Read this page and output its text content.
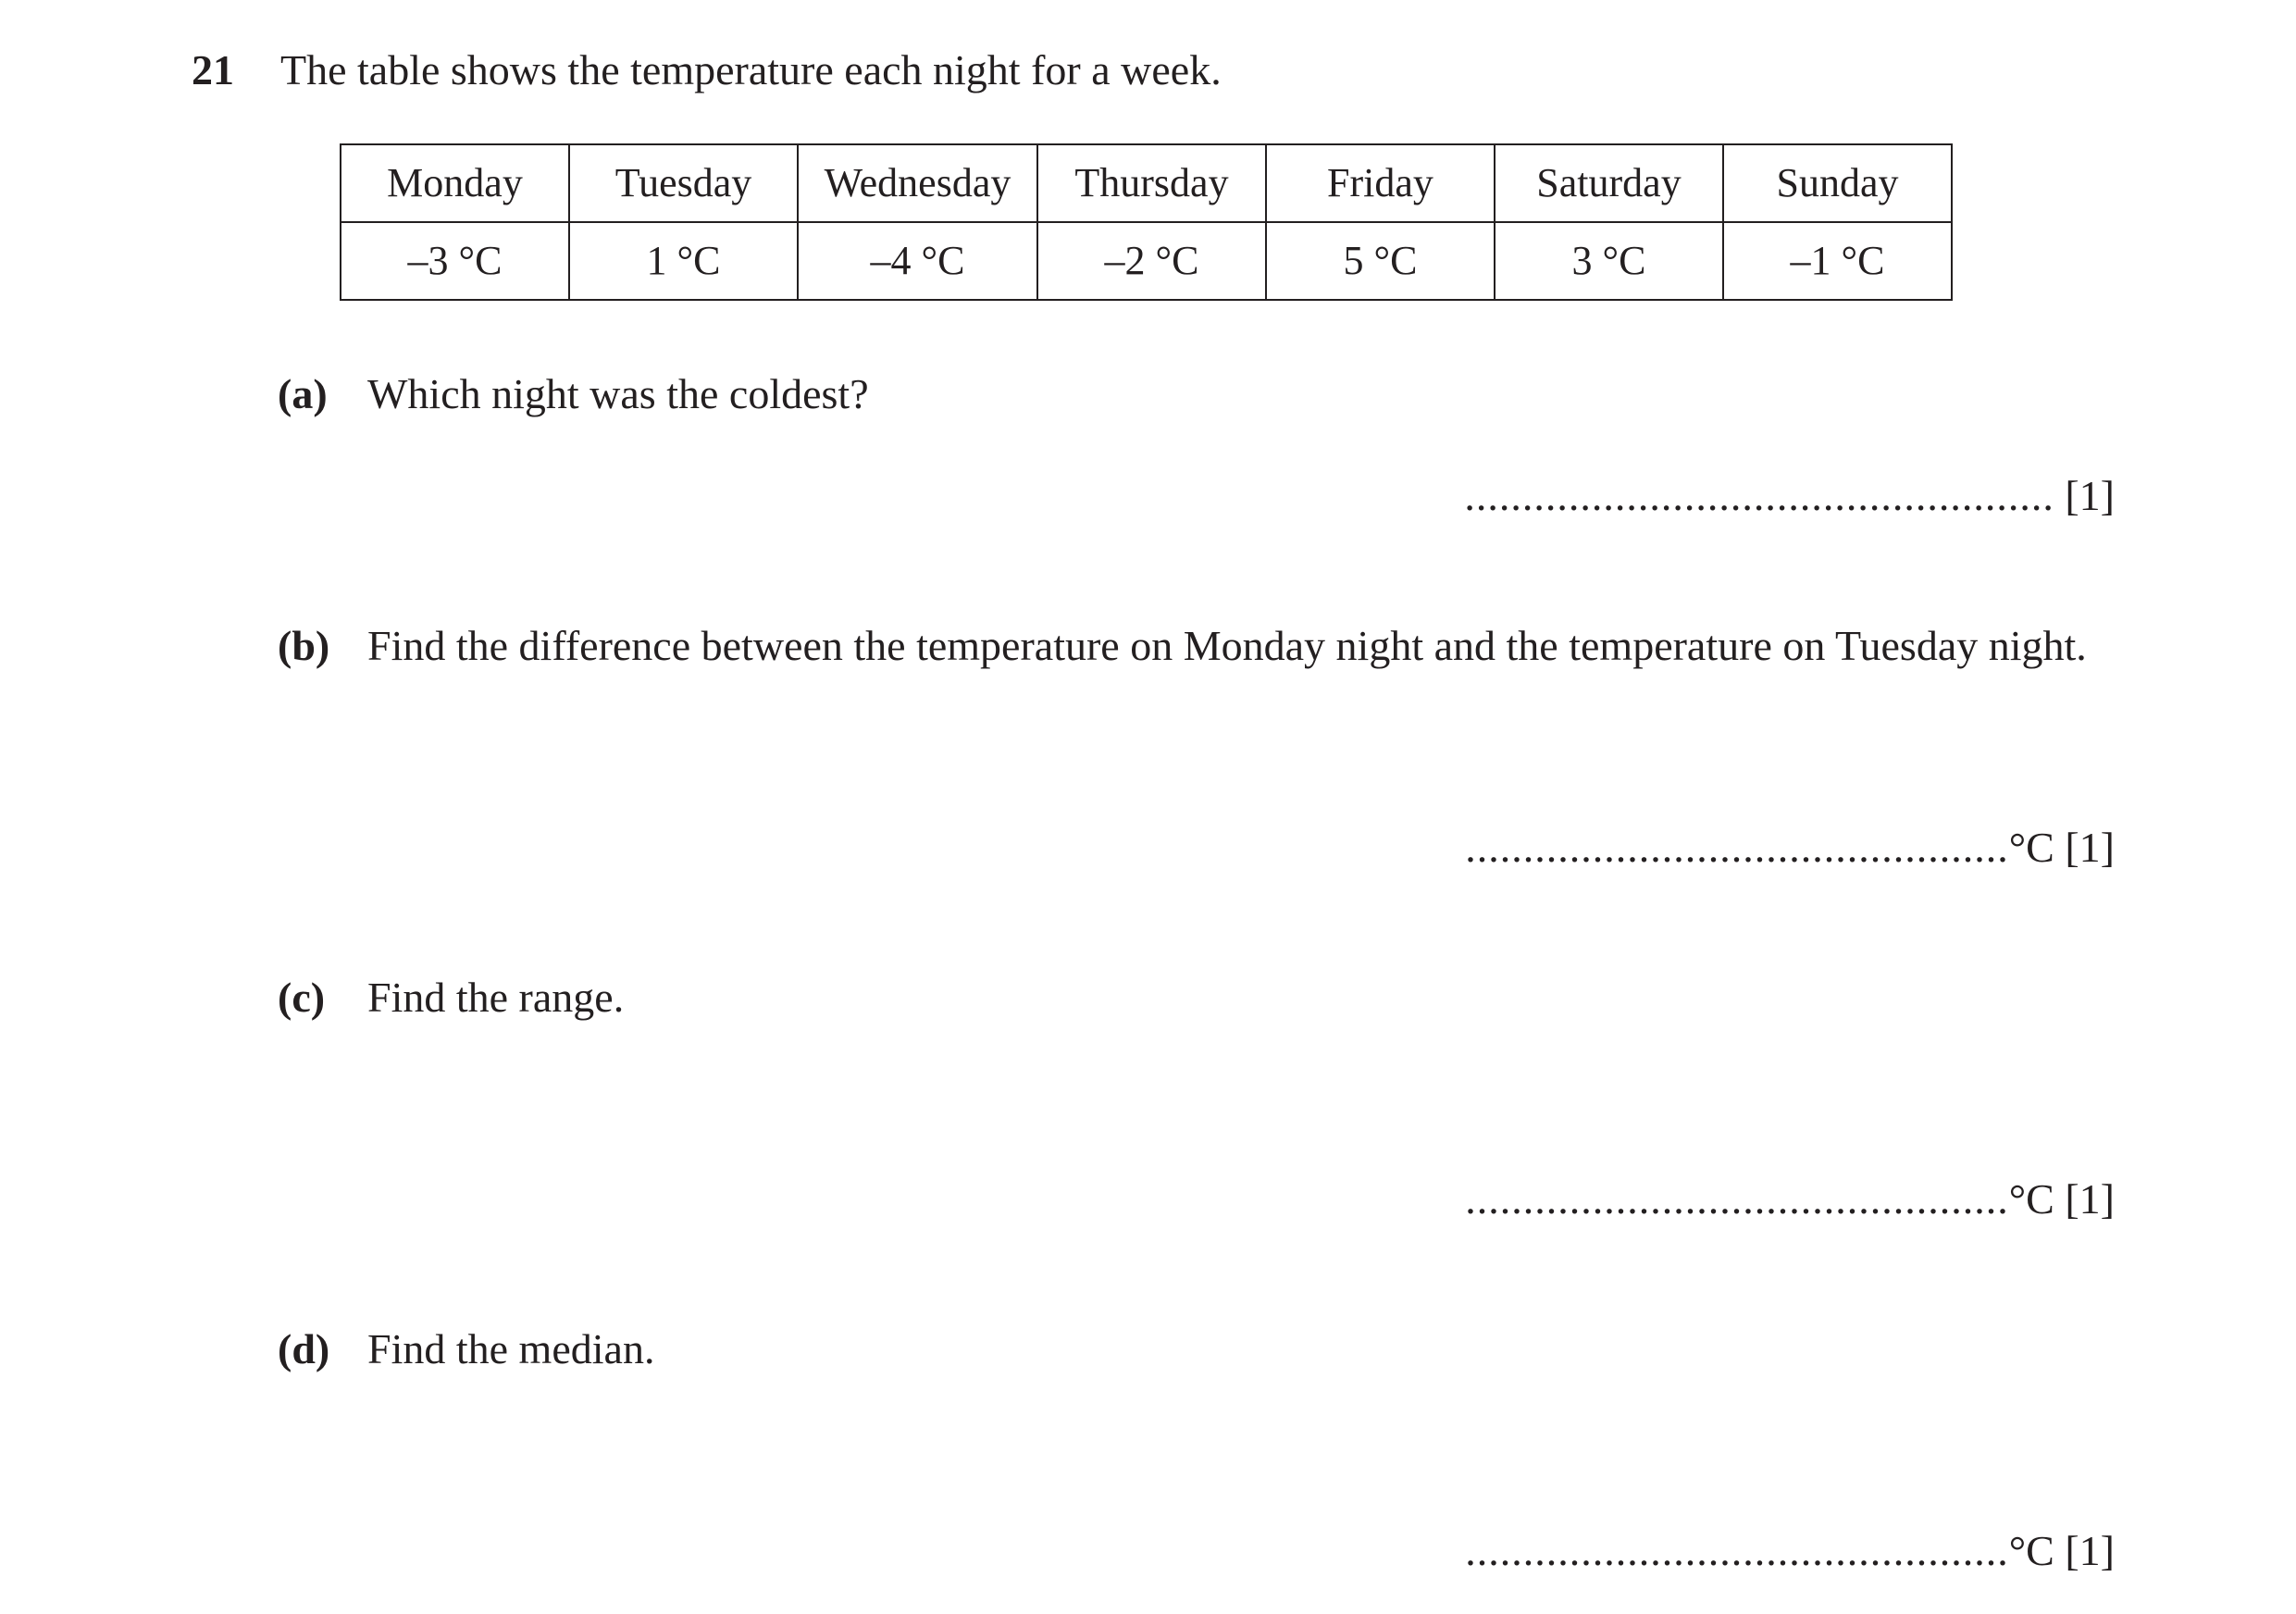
21 The table shows the temperature each night for a week.
Monday	Tuesday	Wednesday	Thursday	Friday	Saturday	Sunday
–3 °C	1 °C	–4 °C	–2 °C	5 °C	3 °C	–1 °C
(a) Which night was the coldest?
................................................... [1]
(b) Find the difference between the temperature on Monday night and the temperature on Tuesday night.
...............................................°C [1]
(c) Find the range.
...............................................°C [1]
(d) Find the median.
...............................................°C [1]
